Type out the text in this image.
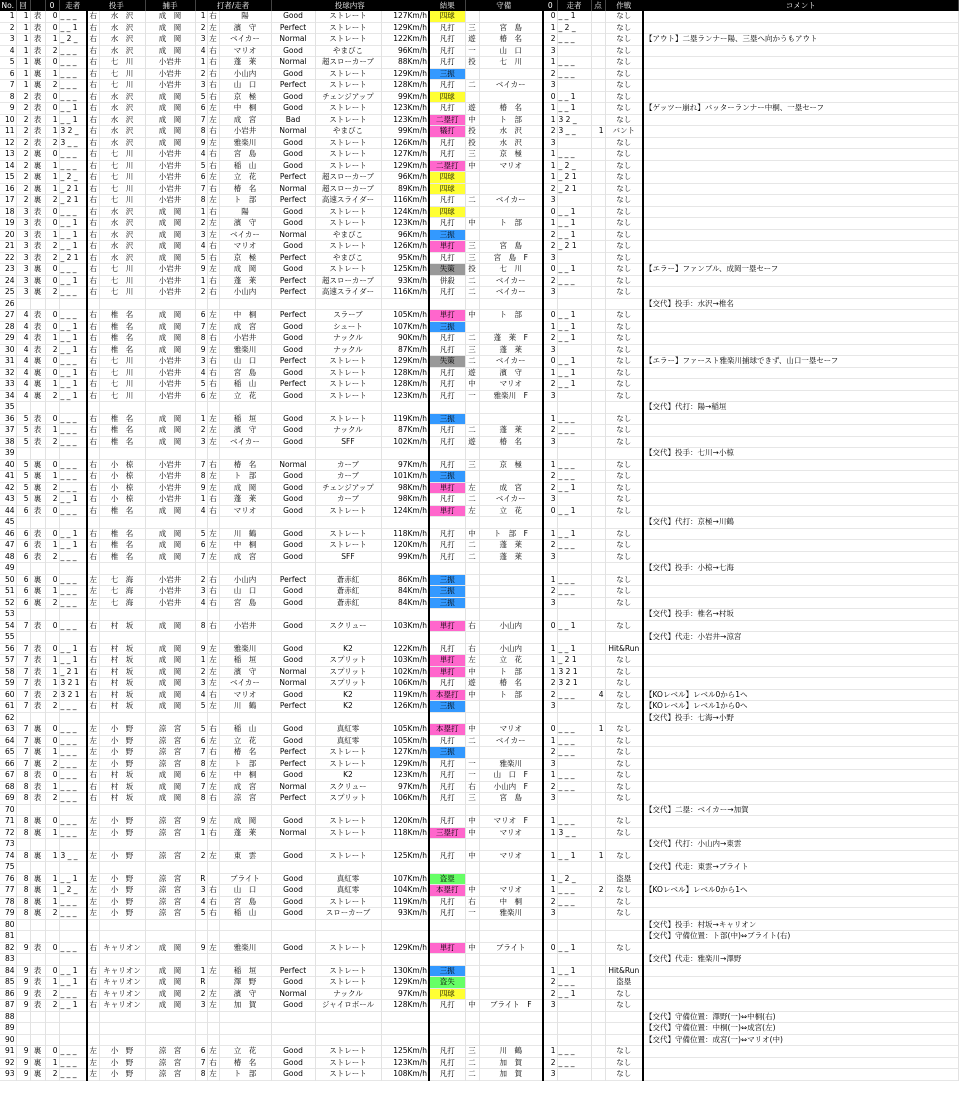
No.	回		0	走者	投手		捕手	打者/走者			投球内容			結果	守備		0	走者	点	作戦	コメント
1	1	表	0	_ _ _	右	水　沢	成　岡	1	右	陽	Good	ストレート	127Km/h	四球			0	_ _ 1		なし	
2	1	表	0	_ _ 1	右	水　沢	成　岡	2	左	濱　守	Perfect	ストレート	129Km/h	凡打	三	宮　島	1	_ 2 _		なし	
3	1	表	1	_ 2 _	右	水　沢	成　岡	3	左	ベイカー	Normal	ストレート	122Km/h	凡打	遊	椿　名	2	_ _ _		なし	【アウト】二塁ランナー陽、三塁へ向かうもアウト
4	1	表	2	_ _ _	右	水　沢	成　岡	4	右	マリオ	Good	やまびこ	96Km/h	凡打	一	山　口	3			なし	
5	1	裏	0	_ _ _	右	七　川	小岩井	1	右	蓬　莱	Normal	超スローカーブ	88Km/h	凡打	投	七　川	1	_ _ _		なし	
6	1	裏	1	_ _ _	右	七　川	小岩井	2	右	小山内	Good	ストレート	129Km/h	三振			2	_ _ _		なし	
7	1	裏	2	_ _ _	右	七　川	小岩井	3	右	山　口	Perfect	ストレート	128Km/h	凡打	二	ベイカー	3			なし	
8	2	表	0	_ _ _	右	水　沢	成　岡	5	右	京　極	Good	チェンジアップ	99Km/h	四球			0	_ _ 1		なし	
9	2	表	0	_ _ 1	右	水　沢	成　岡	6	左	中　桐	Good	ストレート	123Km/h	凡打	遊	椿　名	1	_ _ 1		なし	【ゲッツー崩れ】バッターランナー中桐、一塁セーフ
10	2	表	1	_ _ 1	右	水　沢	成　岡	7	左	成　宮	Bad	ストレート	123Km/h	二塁打	中	ト　部	1	3 2 _		なし	
11	2	表	1	3 2 _	右	水　沢	成　岡	8	右	小岩井	Normal	やまびこ	99Km/h	犠打	投	水　沢	2	3 _ _	1	バント	
12	2	表	2	3 _ _	右	水　沢	成　岡	9	左	雅楽川	Good	ストレート	126Km/h	凡打	投	水　沢	3			なし	
13	2	裏	0	_ _ _	右	七　川	小岩井	4	右	宮　島	Good	ストレート	127Km/h	凡打	三	京　極	1	_ _ _		なし	
14	2	裏	1	_ _ _	右	七　川	小岩井	5	右	稲　山	Good	ストレート	129Km/h	二塁打	中	マリオ	1	_ 2 _		なし	
15	2	裏	1	_ 2 _	右	七　川	小岩井	6	左	立　花	Perfect	超スローカーブ	96Km/h	四球			1	_ 2 1		なし	
16	2	裏	1	_ 2 1	右	七　川	小岩井	7	右	椿　名	Normal	超スローカーブ	89Km/h	四球			2	_ 2 1		なし	
17	2	裏	2	_ 2 1	右	七　川	小岩井	8	左	ト　部	Perfect	高速スライダー	116Km/h	凡打	二	ベイカー	3			なし	
18	3	表	0	_ _ _	右	水　沢	成　岡	1	右	陽	Good	ストレート	124Km/h	四球			0	_ _ 1		なし	
19	3	表	0	_ _ 1	右	水　沢	成　岡	2	左	濱　守	Good	ストレート	123Km/h	凡打	中	ト　部	1	_ _ 1		なし	
20	3	表	1	_ _ 1	右	水　沢	成　岡	3	左	ベイカー	Normal	やまびこ	96Km/h	三振			2	_ _ 1		なし	
21	3	表	2	_ _ 1	右	水　沢	成　岡	4	右	マリオ	Good	ストレート	126Km/h	単打	三	宮　島	2	_ 2 1		なし	
22	3	表	2	_ 2 1	右	水　沢	成　岡	5	右	京　極	Perfect	やまびこ	95Km/h	凡打	三	宮　島　F	3			なし	
23	3	裏	0	_ _ _	右	七　川	小岩井	9	左	成　岡	Good	ストレート	125Km/h	失策	投	七　川	0	_ _ 1		なし	【エラー】ファンブル、成岡一塁セーフ
24	3	裏	0	_ _ 1	右	七　川	小岩井	1	右	蓬　莱	Perfect	超スローカーブ	93Km/h	併殺	二	ベイカー	2	_ _ _		なし	
25	3	裏	2	_ _ _	右	七　川	小岩井	2	右	小山内	Perfect	高速スライダー	116Km/h	凡打	二	ベイカー	3			なし	
26																					【交代】投手：水沢→椎名
27	4	表	0	_ _ _	右	椎　名	成　岡	6	左	中　桐	Perfect	スラーブ	105Km/h	単打	中	ト　部	0	_ _ 1		なし	
28	4	表	0	_ _ 1	右	椎　名	成　岡	7	左	成　宮	Good	シュート	107Km/h	三振			1	_ _ 1		なし	
29	4	表	1	_ _ 1	右	椎　名	成　岡	8	右	小岩井	Good	ナックル	90Km/h	凡打	二	蓬　莱　F	2	_ _ 1		なし	
30	4	表	2	_ _ 1	右	椎　名	成　岡	9	左	雅楽川	Good	ナックル	87Km/h	凡打	三	蓬　莱	3			なし	
31	4	裏	0	_ _ _	右	七　川	小岩井	3	右	山　口	Perfect	ストレート	129Km/h	失策	二	ベイカー	0	_ _ 1		なし	【エラー】ファースト雅楽川捕球できず、山口一塁セーフ
32	4	裏	0	_ _ 1	右	七　川	小岩井	4	右	宮　島	Good	ストレート	128Km/h	凡打	遊	濱　守	1	_ _ 1		なし	
33	4	裏	1	_ _ 1	右	七　川	小岩井	5	右	稲　山	Perfect	ストレート	128Km/h	凡打	中	マリオ	2	_ _ 1		なし	
34	4	裏	2	_ _ 1	右	七　川	小岩井	6	左	立　花	Good	ストレート	123Km/h	凡打	一	雅楽川　F	3			なし	
35																					【交代】代打：陽→稲垣
36	5	表	0	_ _ _	右	椎　名	成　岡	1	左	稲　垣	Good	ストレート	119Km/h	三振			1	_ _ _		なし	
37	5	表	1	_ _ _	右	椎　名	成　岡	2	左	濱　守	Good	ナックル	87Km/h	凡打	二	蓬　莱	2	_ _ _		なし	
38	5	表	2	_ _ _	右	椎　名	成　岡	3	左	ベイカー	Good	SFF	102Km/h	凡打	遊	椿　名	3			なし	
39																					【交代】投手：七川→小椋
40	5	裏	0	_ _ _	右	小　椋	小岩井	7	右	椿　名	Normal	カーブ	97Km/h	凡打	三	京　極	1	_ _ _		なし	
41	5	裏	1	_ _ _	右	小　椋	小岩井	8	左	ト　部	Good	カーブ	101Km/h	三振			2	_ _ _		なし	
42	5	裏	2	_ _ _	右	小　椋	小岩井	9	左	成　岡	Good	チェンジアップ	98Km/h	単打	左	成　宮	2	_ _ 1		なし	
43	5	裏	2	_ _ 1	右	小　椋	小岩井	1	右	蓬　莱	Good	カーブ	98Km/h	凡打	二	ベイカー	3			なし	
44	6	表	0	_ _ _	右	椎　名	成　岡	4	右	マリオ	Good	ストレート	124Km/h	単打	左	立　花	0	_ _ 1		なし	
45																					【交代】代打：京極→川鶴
46	6	表	0	_ _ 1	右	椎　名	成　岡	5	左	川　鶴	Good	ストレート	118Km/h	凡打	中	ト　部　F	1	_ _ 1		なし	
47	6	表	1	_ _ 1	右	椎　名	成　岡	6	左	中　桐	Good	ストレート	120Km/h	凡打	二	蓬　莱	2	_ _ _		なし	
48	6	表	2	_ _ _	右	椎　名	成　岡	7	左	成　宮	Good	SFF	99Km/h	凡打	二	蓬　莱	3			なし	
49																					【交代】投手：小椋→七海
50	6	裏	0	_ _ _	左	七　海	小岩井	2	右	小山内	Perfect	蒼赤紅	86Km/h	三振			1	_ _ _		なし	
51	6	裏	1	_ _ _	左	七　海	小岩井	3	右	山　口	Good	蒼赤紅	84Km/h	三振			2	_ _ _		なし	
52	6	裏	2	_ _ _	左	七　海	小岩井	4	右	宮　島	Good	蒼赤紅	84Km/h	三振			3			なし	
53																					【交代】投手：椎名→村坂
54	7	表	0	_ _ _	右	村　坂	成　岡	8	右	小岩井	Good	スクリュー	103Km/h	単打	右	小山内	0	_ _ 1		なし	
55																					【交代】代走：小岩井→涼宮
56	7	表	0	_ _ 1	右	村　坂	成　岡	9	左	雅楽川	Good	K2	122Km/h	凡打	右	小山内	1	_ _ 1		Hit&Run	
57	7	表	1	_ _ 1	右	村　坂	成　岡	1	左	稲　垣	Good	スプリット	103Km/h	単打	左	立　花	1	_ 2 1		なし	
58	7	表	1	_ 2 1	右	村　坂	成　岡	2	左	濱　守	Normal	スプリット	102Km/h	単打	中	ト　部	1	3 2 1		なし	
59	7	表	1	3 2 1	右	村　坂	成　岡	3	左	ベイカー	Normal	スプリット	106Km/h	凡打	遊	椿　名	2	3 2 1		なし	
60	7	表	2	3 2 1	右	村　坂	成　岡	4	右	マリオ	Good	K2	119Km/h	本塁打	中	ト　部	2	_ _ _	4	なし	【KOレベル】レベル0から1へ
61	7	表	2	_ _ _	右	村　坂	成　岡	5	左	川　鶴	Perfect	K2	126Km/h	三振			3			なし	【KOレベル】レベル1から0へ
62																					【交代】投手：七海→小野
63	7	裏	0	_ _ _	左	小　野	涼　宮	5	右	稲　山	Good	真紅零	105Km/h	本塁打	中	マリオ	0	_ _ _	1	なし	
64	7	裏	0	_ _ _	左	小　野	涼　宮	6	左	立　花	Good	真紅零	105Km/h	凡打	二	ベイカー	1	_ _ _		なし	
65	7	裏	1	_ _ _	左	小　野	涼　宮	7	右	椿　名	Perfect	ストレート	127Km/h	三振			2	_ _ _		なし	
66	7	裏	2	_ _ _	左	小　野	涼　宮	8	左	ト　部	Perfect	ストレート	129Km/h	凡打	一	雅楽川	3			なし	
67	8	表	0	_ _ _	右	村　坂	成　岡	6	左	中　桐	Good	K2	123Km/h	凡打	一	山　口　F	1	_ _ _		なし	
68	8	表	1	_ _ _	右	村　坂	成　岡	7	左	成　宮	Normal	スクリュー	97Km/h	凡打	右	小山内　F	2	_ _ _		なし	
69	8	表	2	_ _ _	右	村　坂	成　岡	8	右	涼　宮	Perfect	スプリット	106Km/h	凡打	三	宮　島	3			なし	
70																					【交代】二塁：ベイカー→加賀
71	8	裏	0	_ _ _	左	小　野	涼　宮	9	左	成　岡	Good	ストレート	120Km/h	凡打	中	マリオ　F	1	_ _ _		なし	
72	8	裏	1	_ _ _	左	小　野	涼　宮	1	右	蓬　莱	Normal	ストレート	118Km/h	三塁打	中	マリオ	1	3 _ _		なし	
73																					【交代】代打：小山内→東雲
74	8	裏	1	3 _ _	左	小　野	涼　宮	2	左	東　雲	Good	ストレート	125Km/h	凡打	中	マリオ	1	_ _ 1	1	なし	
75																					【交代】代走：東雲→ブライト
76	8	裏	1	_ _ 1	左	小　野	涼　宮	R		ブライト	Good	真紅零	107Km/h	盗塁			1	_ 2 _		盗塁	
77	8	裏	1	_ 2 _	左	小　野	涼　宮	3	右	山　口	Good	真紅零	104Km/h	本塁打	中	マリオ	1	_ _ _	2	なし	【KOレベル】レベル0から1へ
78	8	裏	1	_ _ _	左	小　野	涼　宮	4	右	宮　島	Good	ストレート	119Km/h	凡打	右	中　桐	2	_ _ _		なし	
79	8	裏	2	_ _ _	左	小　野	涼　宮	5	右	稲　山	Good	スローカーブ	93Km/h	凡打	一	雅楽川	3			なし	
80																					【交代】投手：村坂→キャリオン
81																					【交代】守備位置：ト部(中)⇔ブライト(右)
82	9	表	0	_ _ _	右	キャリオン	成　岡	9	左	雅楽川	Good	ストレート	129Km/h	単打	中	ブライト	0	_ _ 1		なし	
83																					【交代】代走：雅楽川→澤野
84	9	表	0	_ _ 1	右	キャリオン	成　岡	1	左	稲　垣	Perfect	ストレート	130Km/h	三振			1	_ _ 1		Hit&Run	
85	9	表	1	_ _ 1	右	キャリオン	成　岡	R		澤　野	Good	ストレート	129Km/h	盗失			2	_ _ _		盗塁	
86	9	表	2	_ _ _	右	キャリオン	成　岡	2	左	濱　守	Normal	ナックル	97Km/h	四球			2	_ _ 1		なし	
87	9	表	2	_ _ 1	右	キャリオン	成　岡	3	左	加　賀	Good	ジャイロボール	128Km/h	凡打	中	ブライト　F	3			なし	
88																					【交代】守備位置：澤野(一)⇔中桐(右)
89																					【交代】守備位置：中桐(一)⇔成宮(左)
90																					【交代】守備位置：成宮(一)⇔マリオ(中)
91	9	裏	0	_ _ _	左	小　野	涼　宮	6	左	立　花	Good	ストレート	125Km/h	凡打	三	川　鶴	1	_ _ _		なし	
92	9	裏	1	_ _ _	左	小　野	涼　宮	7	右	椿　名	Good	ストレート	123Km/h	凡打	二	加　賀	2	_ _ _		なし	
93	9	裏	2	_ _ _	左	小　野	涼　宮	8	左	ト　部	Good	ストレート	108Km/h	凡打	二	加　賀	3			なし	
